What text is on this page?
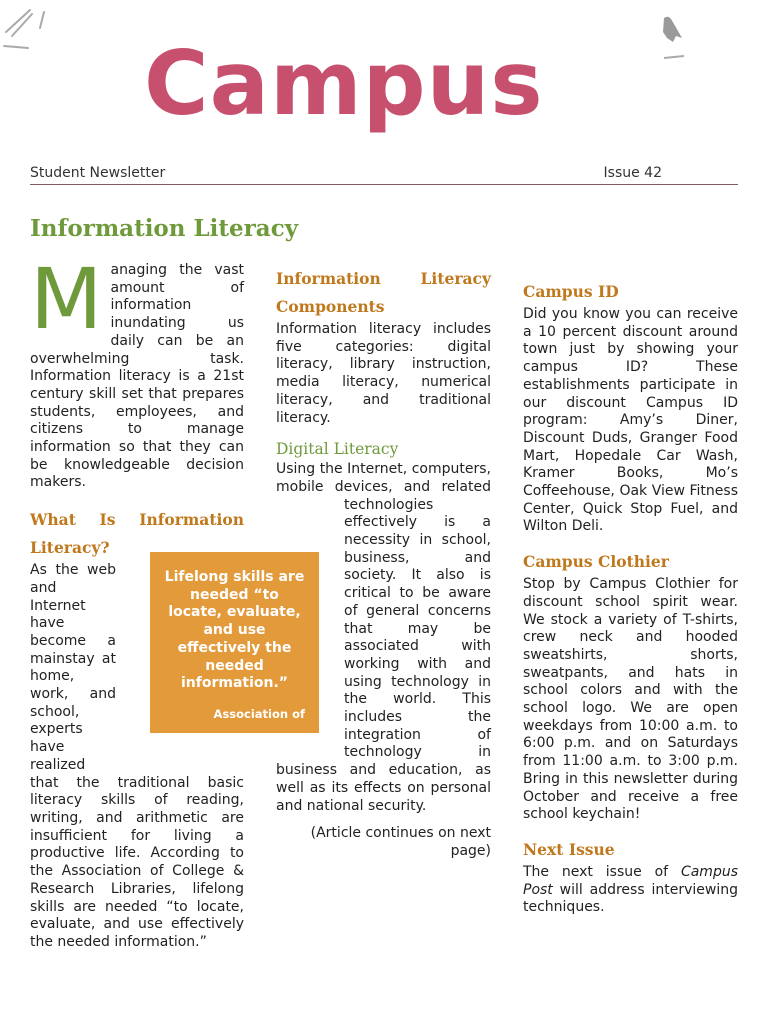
Campus
Student Newsletter	Issue 42
Information Literacy

Managing the vast amount of information inundating us daily can be an overwhelming task. Information literacy is a 21st century skill set that prepares students, employees, and citizens to manage information so that they can be knowledgeable decision makers.

What Is Information Literacy?

As the web and Internet have become a mainstay at home, work, and school, experts have realized that the traditional basic literacy skills of reading, writing, and arithmetic are insufficient for living a productive life. According to the Association of College & Research Libraries, lifelong skills are needed “to locate, evaluate, and use effectively the needed information.”

Lifelong skills are needed “to locate, evaluate, and use effectively the needed information.”
Association of

Information Literacy Components

Information literacy includes five categories: digital literacy, library instruction, media literacy, numerical literacy, and traditional literacy.

Digital Literacy

Using the Internet, computers, mobile devices, and related technologies effectively is a necessity in school, business, and society. It also is critical to be aware of general concerns that may be associated with working with and using technology in the world. This includes the integration of technology in business and education, as well as its effects on personal and national security.

(Article continues on next page)

Campus ID

Did you know you can receive a 10 percent discount around town just by showing your campus ID? These establishments participate in our discount Campus ID program: Amy’s Diner, Discount Duds, Granger Food Mart, Hopedale Car Wash, Kramer Books, Mo’s Coffeehouse, Oak View Fitness Center, Quick Stop Fuel, and Wilton Deli.

Campus Clothier

Stop by Campus Clothier for discount school spirit wear. We stock a variety of T-shirts, crew neck and hooded sweatshirts, shorts, sweatpants, and hats in school colors and with the school logo. We are open weekdays from 10:00 a.m. to 6:00 p.m. and on Saturdays from 11:00 a.m. to 3:00 p.m. Bring in this newsletter during October and receive a free school keychain!

Next Issue

The next issue of Campus Post will address interviewing techniques.
